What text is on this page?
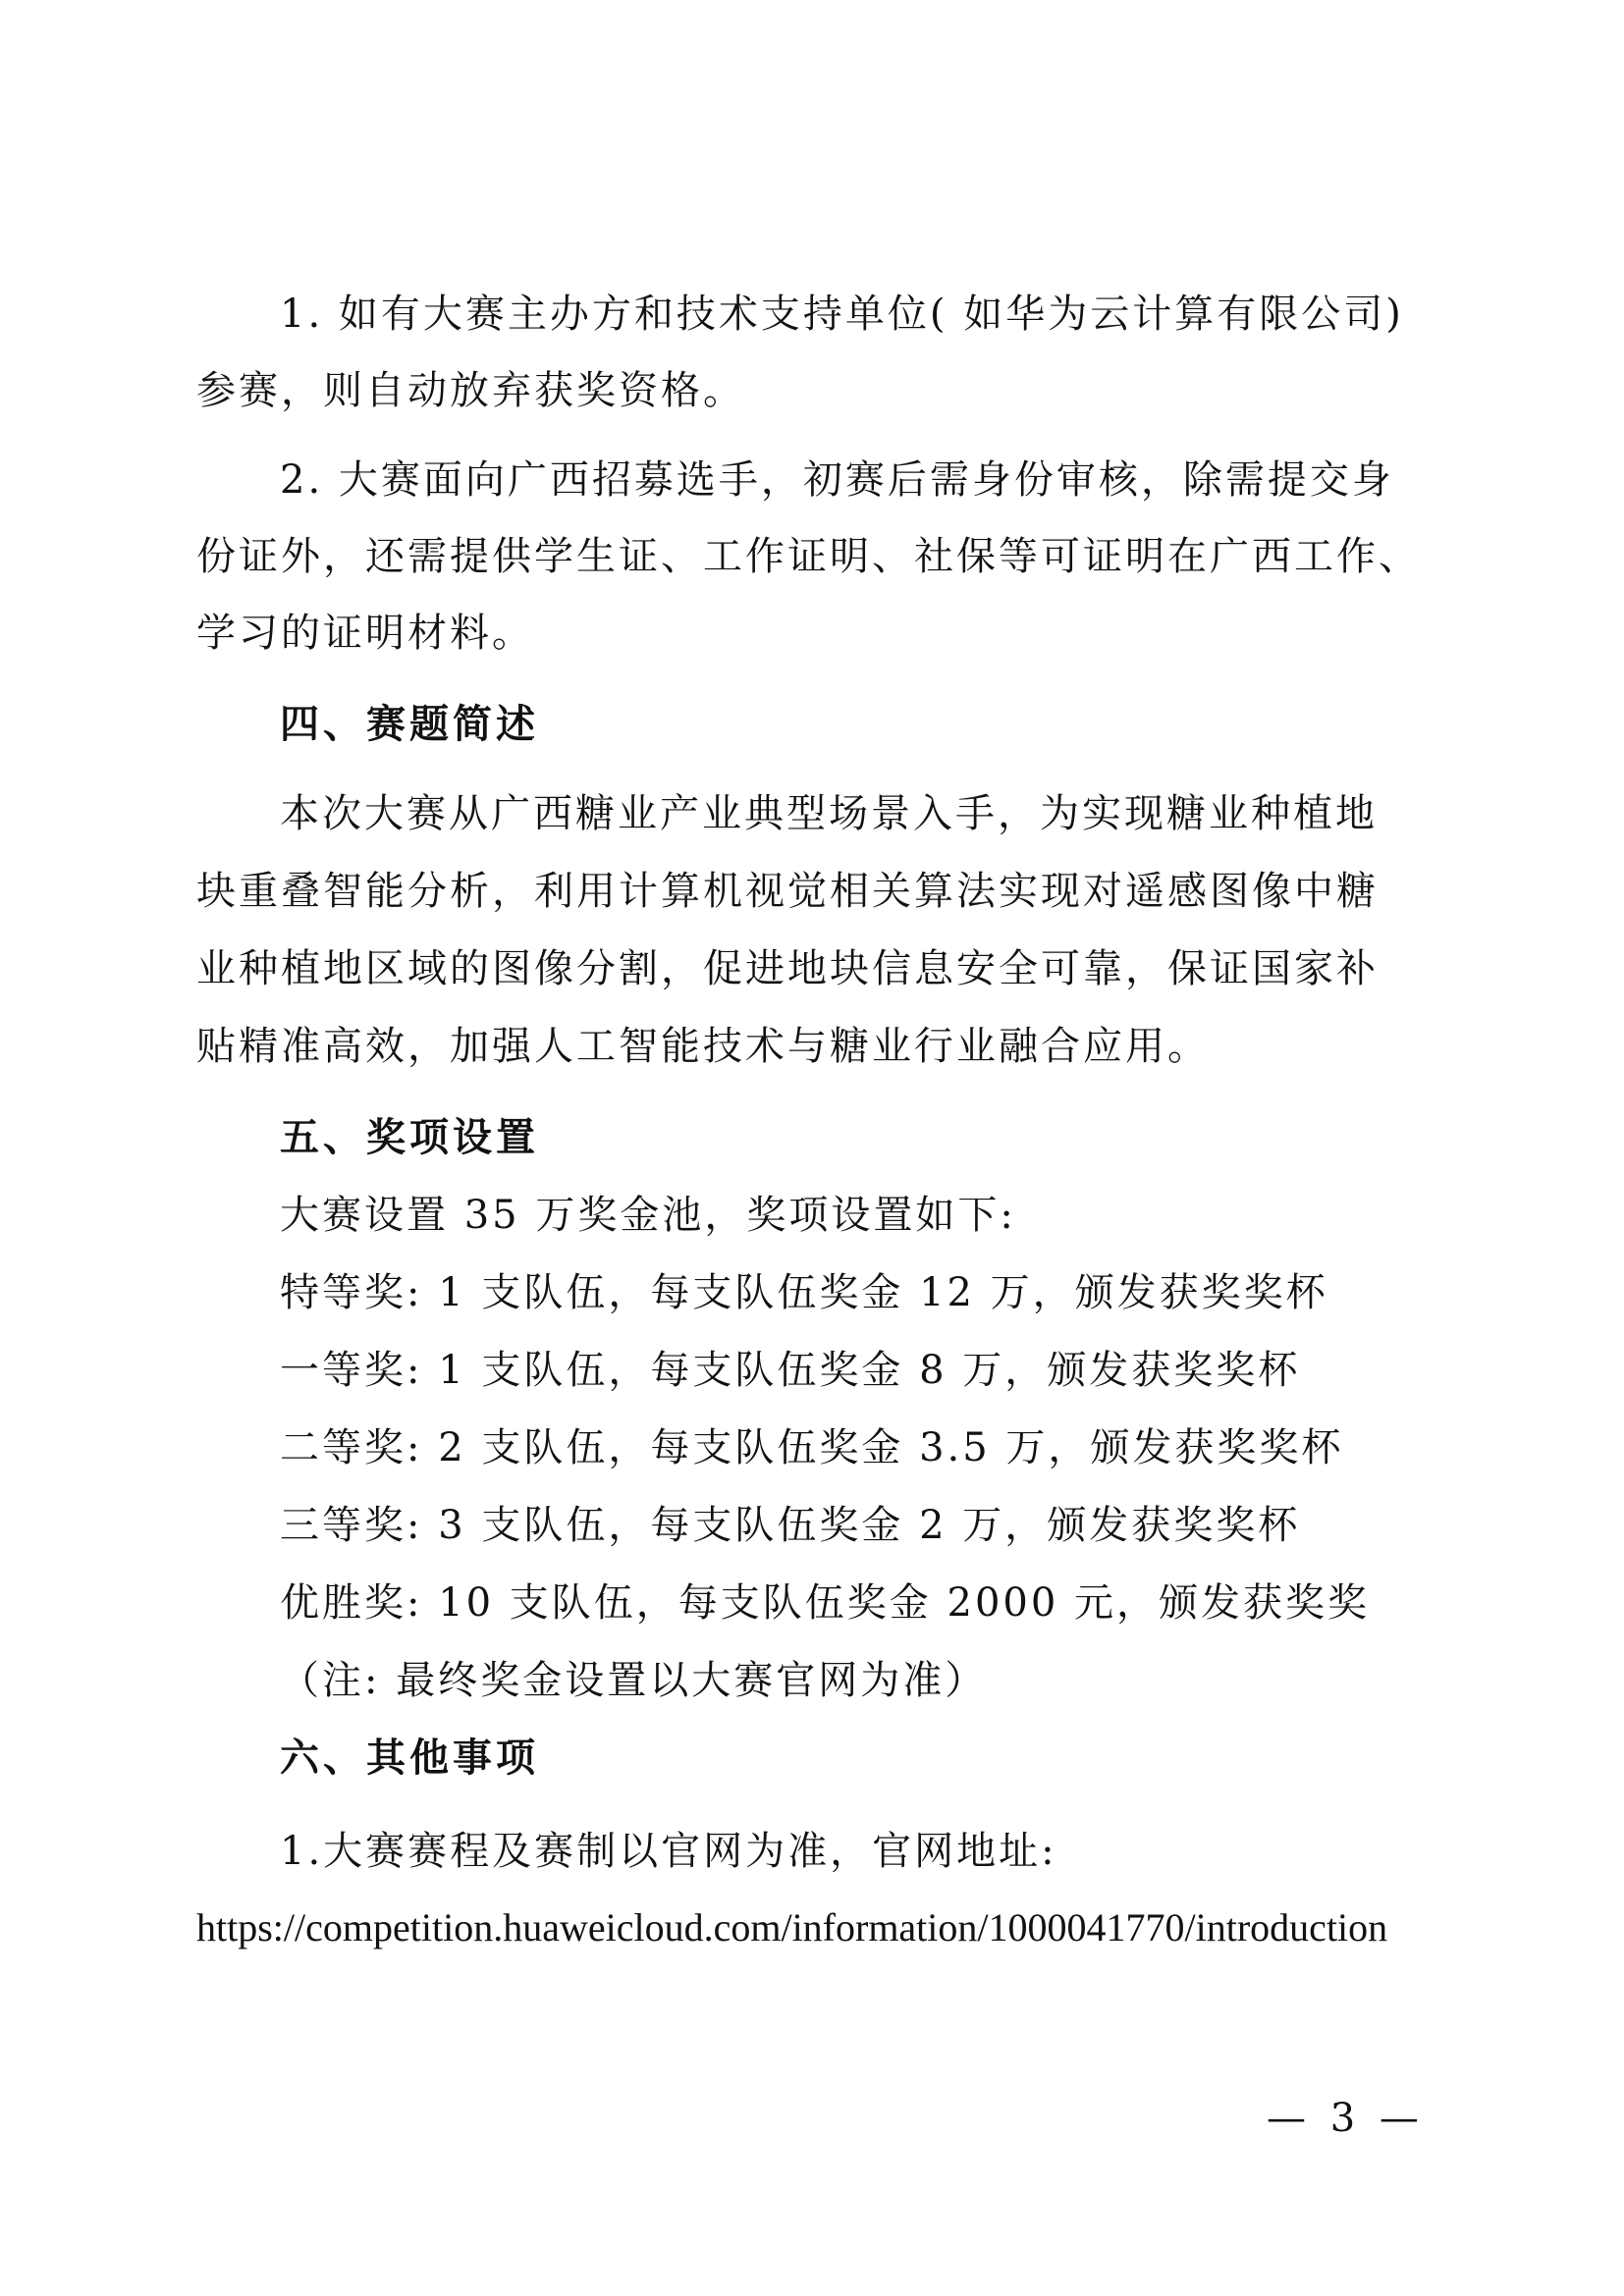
1. 如有大赛主办方和技术支持单位( 如华为云计算有限公司)
参赛，则自动放弃获奖资格。
2. 大赛面向广西招募选手，初赛后需身份审核，除需提交身
份证外，还需提供学生证、工作证明、社保等可证明在广西工作、
学习的证明材料。
四、赛题简述
本次大赛从广西糖业产业典型场景入手，为实现糖业种植地
块重叠智能分析，利用计算机视觉相关算法实现对遥感图像中糖
业种植地区域的图像分割，促进地块信息安全可靠，保证国家补
贴精准高效，加强人工智能技术与糖业行业融合应用。
五、奖项设置
大赛设置 35 万奖金池，奖项设置如下:
特等奖: 1 支队伍，每支队伍奖金 12 万，颁发获奖奖杯
一等奖: 1 支队伍，每支队伍奖金 8 万，颁发获奖奖杯
二等奖: 2 支队伍，每支队伍奖金 3.5 万，颁发获奖奖杯
三等奖: 3 支队伍，每支队伍奖金 2 万，颁发获奖奖杯
优胜奖: 10 支队伍，每支队伍奖金 2000 元，颁发获奖奖
（注: 最终奖金设置以大赛官网为准）
六、其他事项
1.大赛赛程及赛制以官网为准，官网地址:
https://competition.huaweicloud.com/information/1000041770/introduction
— 3 —
